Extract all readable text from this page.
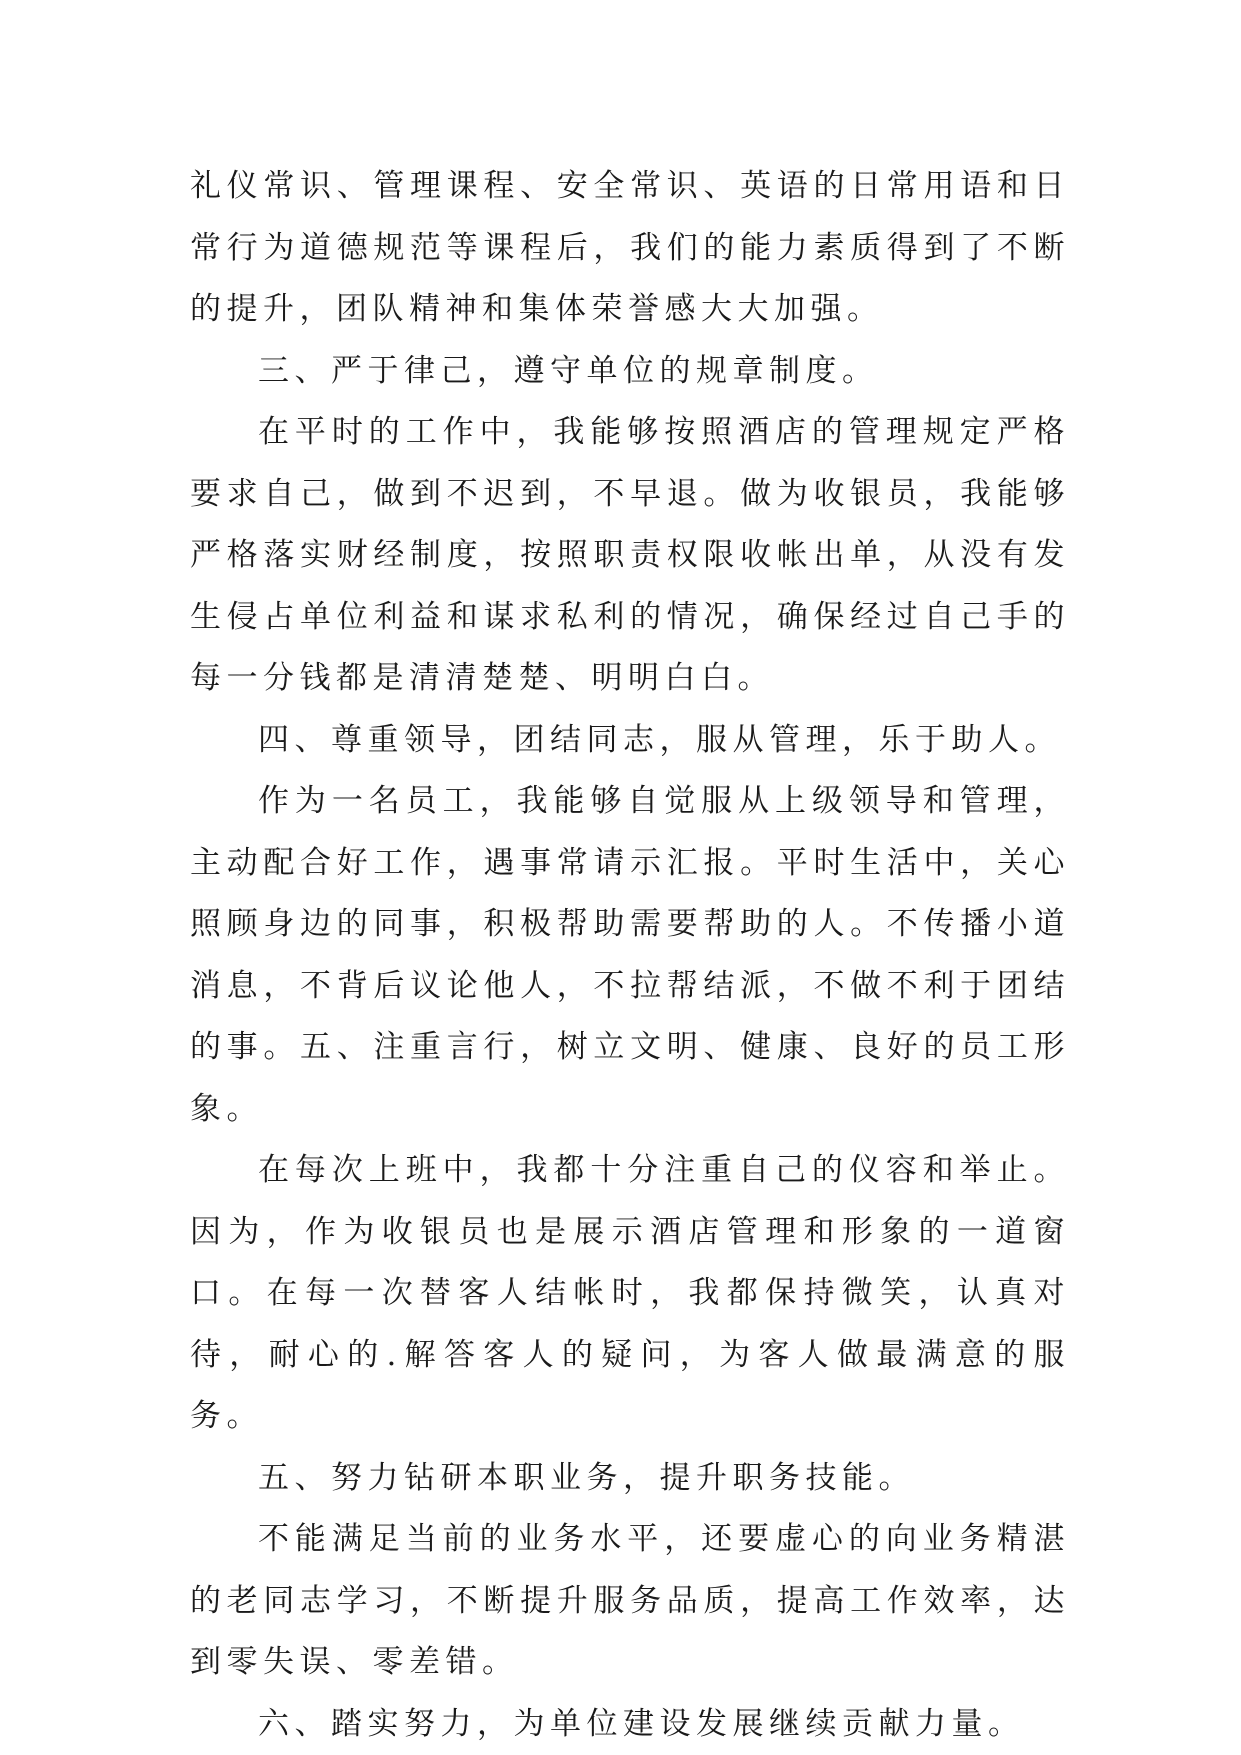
礼仪常识、管理课程、安全常识、英语的日常用语和日常行为道德规范等课程后，我们的能力素质得到了不断的提升，团队精神和集体荣誉感大大加强。

三、严于律己，遵守单位的规章制度。

在平时的工作中，我能够按照酒店的管理规定严格要求自己，做到不迟到，不早退。做为收银员，我能够严格落实财经制度，按照职责权限收帐出单，从没有发生侵占单位利益和谋求私利的情况，确保经过自己手的每一分钱都是清清楚楚、明明白白。

四、尊重领导，团结同志，服从管理，乐于助人。

作为一名员工，我能够自觉服从上级领导和管理，主动配合好工作，遇事常请示汇报。平时生活中，关心照顾身边的同事，积极帮助需要帮助的人。不传播小道消息，不背后议论他人，不拉帮结派，不做不利于团结的事。五、注重言行，树立文明、健康、良好的员工形象。

在每次上班中，我都十分注重自己的仪容和举止。因为，作为收银员也是展示酒店管理和形象的一道窗口。在每一次替客人结帐时，我都保持微笑，认真对待，耐心的.解答客人的疑问，为客人做最满意的服务。

五、努力钻研本职业务，提升职务技能。

不能满足当前的业务水平，还要虚心的向业务精湛的老同志学习，不断提升服务品质，提高工作效率，达到零失误、零差错。

六、踏实努力，为单位建设发展继续贡献力量。
